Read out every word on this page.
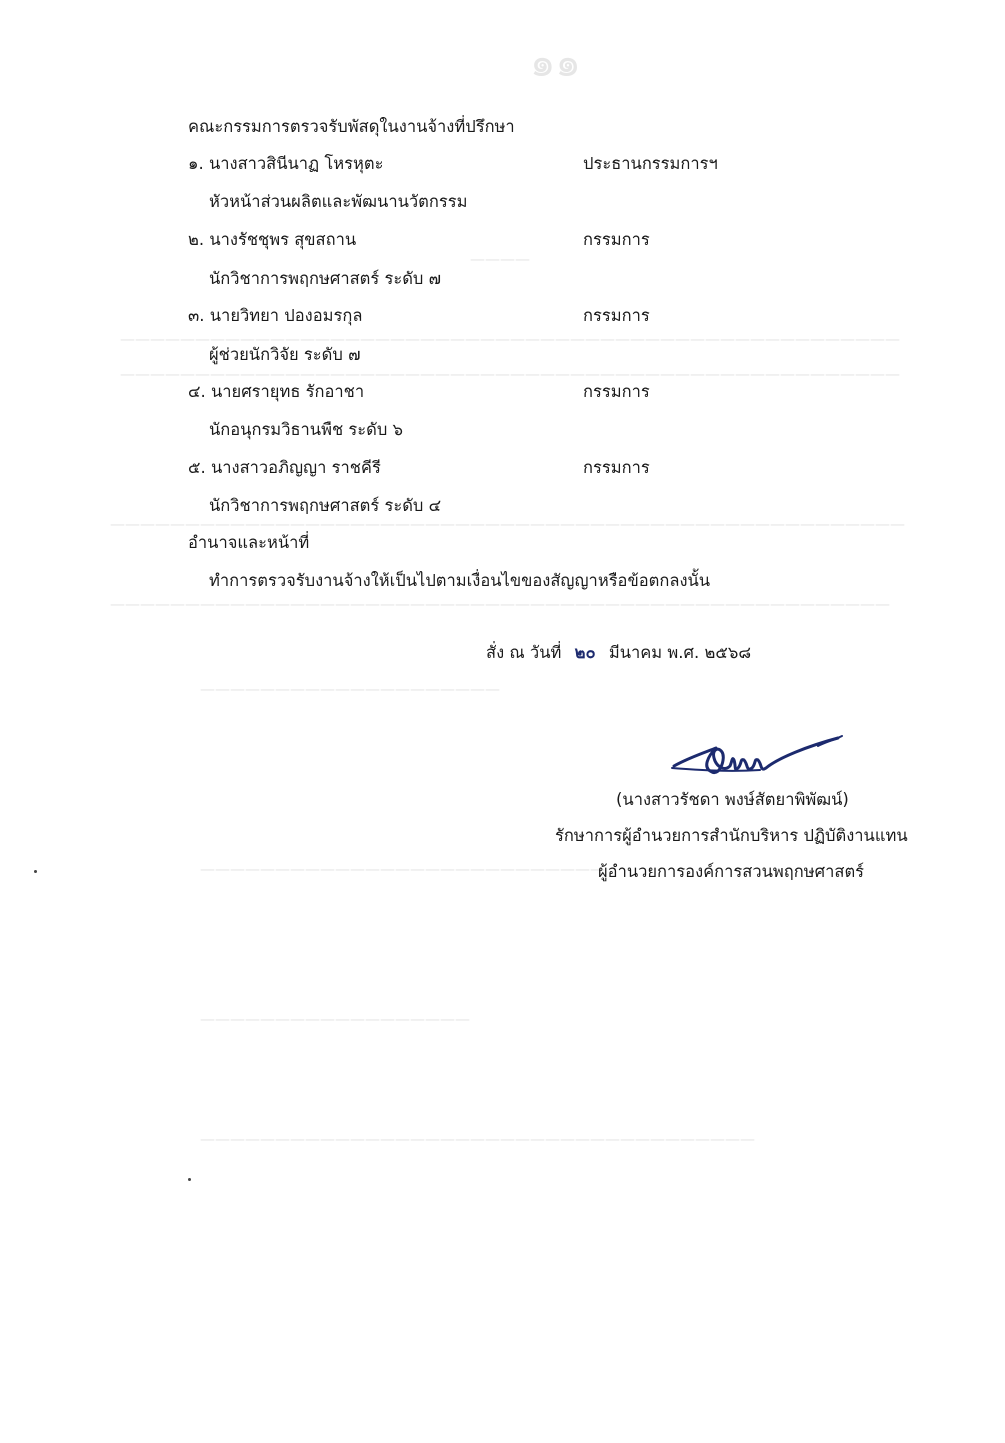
๑๑
————
————————————————————————————————————————————————————
————————————————————————————————————————————————————
—————————————————————————————————————————————————————
————————————————————————————————————————————————————
————————————————————
———————————————————————————
——————————————————
—————————————————————————————————————
คณะกรรมการตรวจรับพัสดุในงานจ้างที่ปรึกษา
๑. นางสาวสินีนาฏ โหรหุตะ	ประธานกรรมการฯ
หัวหน้าส่วนผลิตและพัฒนานวัตกรรม
๒. นางรัชชุพร สุขสถาน	กรรมการ
นักวิชาการพฤกษศาสตร์ ระดับ ๗
๓. นายวิทยา ปองอมรกุล	กรรมการ
ผู้ช่วยนักวิจัย ระดับ ๗
๔. นายศรายุทธ รักอาชา	กรรมการ
นักอนุกรมวิธานพืช ระดับ ๖
๕. นางสาวอภิญญา ราชคีรี	กรรมการ
นักวิชาการพฤกษศาสตร์ ระดับ ๔
อำนาจและหน้าที่
ทำการตรวจรับงานจ้างให้เป็นไปตามเงื่อนไขของสัญญาหรือข้อตกลงนั้น
สั่ง ณ วันที่ ๒๐ มีนาคม พ.ศ. ๒๕๖๘
(นางสาวรัชดา พงษ์สัตยาพิพัฒน์)
รักษาการผู้อำนวยการสำนักบริหาร ปฏิบัติงานแทน
ผู้อำนวยการองค์การสวนพฤกษศาสตร์
